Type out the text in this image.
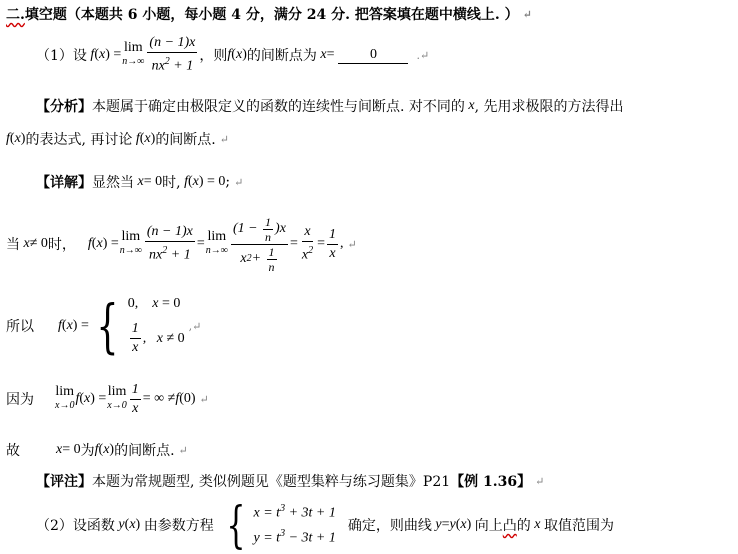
二. 填空题（本题共 6 小题，每小题 4 分，满分 24 分. 把答案填在题中横线上. ） ↵
（1）设 f ( x ) = lim
$n\to\infty \frac{(n - 1)x}{nx^2 + 1}$ ，则 f ( x ) 的间断点为 x =	0	.↵
【分析】 本题属于确定由极限定义的函数的连续性与间断点. 对不同的 x , 先用求极限的方法得出
f ( x ) 的表达式, 再讨论 f ( x ) 的间断点. ↵
【详解】 显然当 x = 0 时, f ( x ) = 0 ; ↵
当 x ≠ 0 时， f ( x ) = lim
$n\to\infty \frac{(n - 1)x}{nx^2 + 1} = \lim$
$n\to\infty \frac{(1 - \frac{1}{n} )x}{x 2 + \frac{1}{n}} = \frac{x}{x^2} = \frac{1}{x}$ , ↵
所以 f ( x ) = { 0,    x = 0
$\frac{1}{x}$ , x ≠ 0
,↵
因为
lim
x→0 f ( x ) = lim
$x\to 0 \frac{1}{x}$ = ∞ ≠ f (0) ↵
故	x = 0 为 f ( x ) 的间断点. ↵
【评注】 本题为常规题型, 类似例题见《题型集粹与练习题集》P21 【例 1.36】 ↵
（2）设函数 y ( x ) 由参数方程 { $x = t^3 + 3t + 1$
$y = t^3 - 3t + 1$
确定，则曲线 y = y ( x ) 向上 凸 的 x 取值范围为
